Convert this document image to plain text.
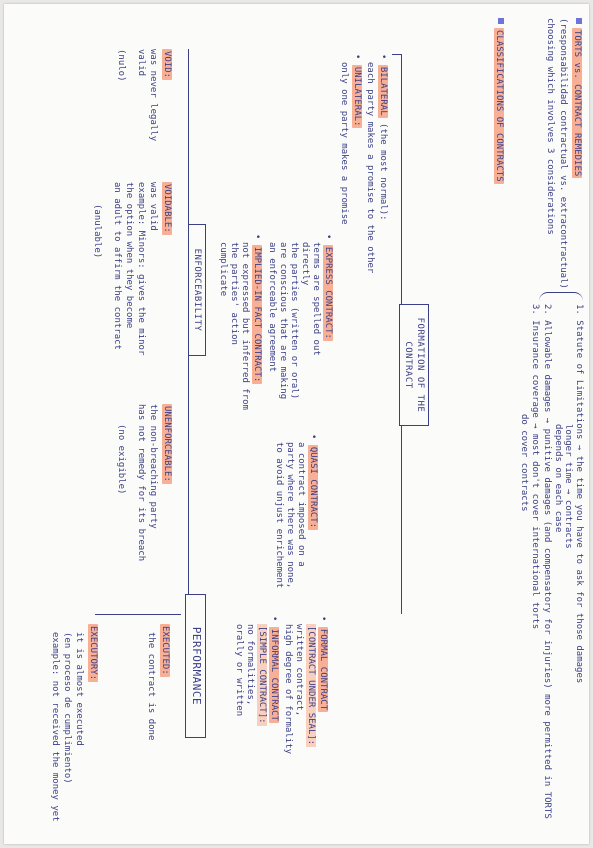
TORTS vs. CONTRACT REMEDIES
(responsabilidad contractual vs. extracontractual)
choosing which involves 3 considerations
1. Statute of Limitations → the time you have to ask for those damages
longer time → contracts
depends on each case
2. Allowable damages → punitive damages (and compensatory for injuries) more permitted in TORTS
3. Insurance coverage → most don't cover international torts
do cover contracts
CLASSIFICATIONS OF CONTRACTS
FORMATION OF THE
CONTRACT
• BILATERAL (the most normal):
each party makes a promise to the other
• UNILATERAL:
only one party makes a promise
• EXPRESS CONTRACT:
terms are spelled out
directly
the parties (written or oral)
are conscious that are making
an enforceable agreement
• IMPLIED-IN FACT CONTRACT:
not expressed but inferred from
the parties' action
cumplicate
• QUASI CONTRACT:
a contract imposed on a
party where there was none,
to avoid unjust enrichement
• FORMAL CONTRACT
[CONTRACT UNDER SEAL]:
written contract,
high degree of formality
• INFORMAL CONTRACT
[SIMPLE CONTRACT]:
no formalities,
orally or written
ENFORCEABILITY
VOID:
was never legally
valid
(nulo)
VOIDABLE:
was valid
example: Minors: gives the minor
the option when they become
an adult to affirm the contract
(anulable)
UNENFORCEABLE:
the non-breaching party
has not remedy for its breach
(no exigible)
PERFORMANCE
EXECUTED:
the contract is done
EXECUTORY:
it is almost executed
(en proceso de cumplimiento)
example: not received the money yet
